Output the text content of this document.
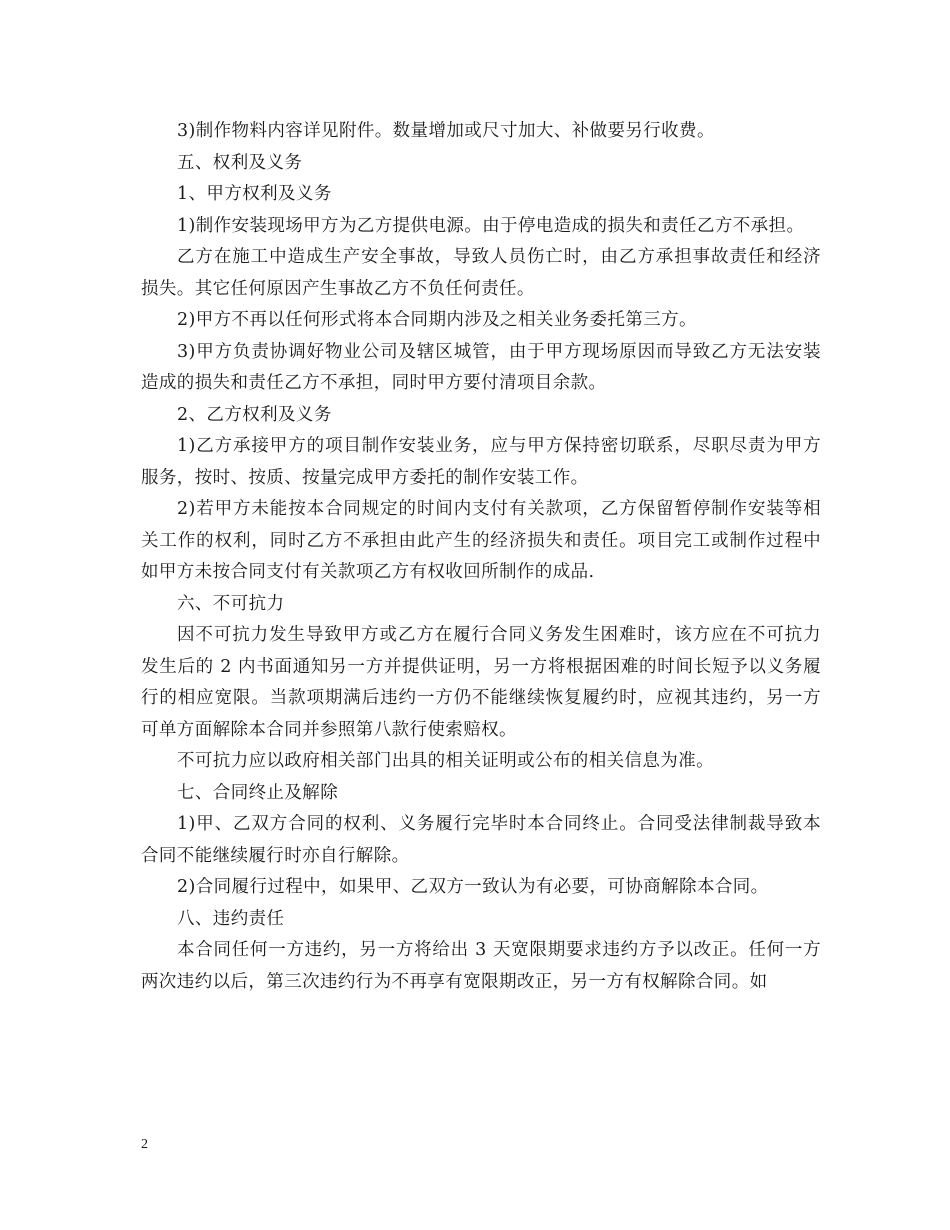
3)制作物料内容详见附件。数量增加或尺寸加大、补做要另行收费。

五、权利及义务

1、甲方权利及义务

1)制作安装现场甲方为乙方提供电源。由于停电造成的损失和责任乙方不承担。

乙方在施工中造成生产安全事故，导致人员伤亡时，由乙方承担事故责任和经济损失。其它任何原因产生事故乙方不负任何责任。

2)甲方不再以任何形式将本合同期内涉及之相关业务委托第三方。

3)甲方负责协调好物业公司及辖区城管，由于甲方现场原因而导致乙方无法安装造成的损失和责任乙方不承担，同时甲方要付清项目余款。

2、乙方权利及义务

1)乙方承接甲方的项目制作安装业务，应与甲方保持密切联系，尽职尽责为甲方服务，按时、按质、按量完成甲方委托的制作安装工作。

2)若甲方未能按本合同规定的时间内支付有关款项，乙方保留暂停制作安装等相关工作的权利，同时乙方不承担由此产生的经济损失和责任。项目完工或制作过程中如甲方未按合同支付有关款项乙方有权收回所制作的成品.

六、不可抗力

因不可抗力发生导致甲方或乙方在履行合同义务发生困难时，该方应在不可抗力发生后的 2 内书面通知另一方并提供证明，另一方将根据困难的时间长短予以义务履行的相应宽限。当款项期满后违约一方仍不能继续恢复履约时，应视其违约，另一方可单方面解除本合同并参照第八款行使索赔权。

不可抗力应以政府相关部门出具的相关证明或公布的相关信息为准。

七、合同终止及解除

1)甲、乙双方合同的权利、义务履行完毕时本合同终止。合同受法律制裁导致本合同不能继续履行时亦自行解除。

2)合同履行过程中，如果甲、乙双方一致认为有必要，可协商解除本合同。

八、违约责任

本合同任何一方违约，另一方将给出 3 天宽限期要求违约方予以改正。任何一方两次违约以后，第三次违约行为不再享有宽限期改正，另一方有权解除合同。如

2
